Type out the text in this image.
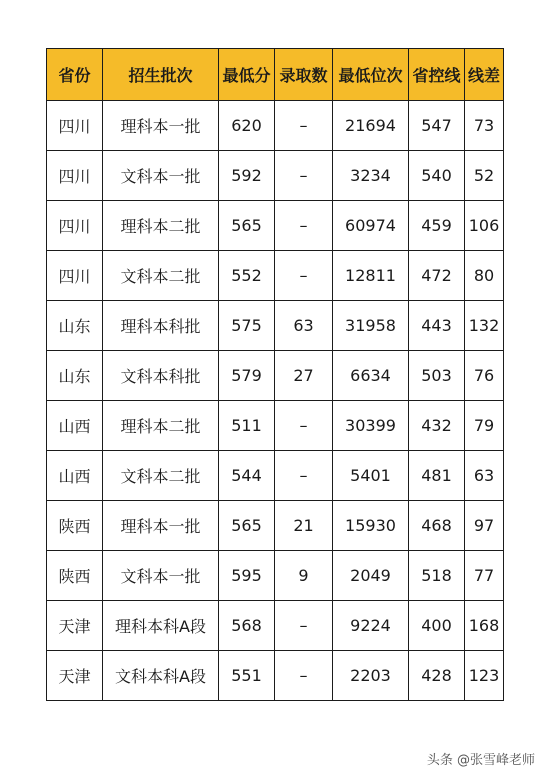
省份	招生批次	最低分	录取数	最低位次	省控线	线差
四川	理科本一批	620	–	21694	547	73
四川	文科本一批	592	–	3234	540	52
四川	理科本二批	565	–	60974	459	106
四川	文科本二批	552	–	12811	472	80
山东	理科本科批	575	63	31958	443	132
山东	文科本科批	579	27	6634	503	76
山西	理科本二批	511	–	30399	432	79
山西	文科本二批	544	–	5401	481	63
陕西	理科本一批	565	21	15930	468	97
陕西	文科本一批	595	9	2049	518	77
天津	理科本科A段	568	–	9224	400	168
天津	文科本科A段	551	–	2203	428	123
头条 @张雪峰老师
